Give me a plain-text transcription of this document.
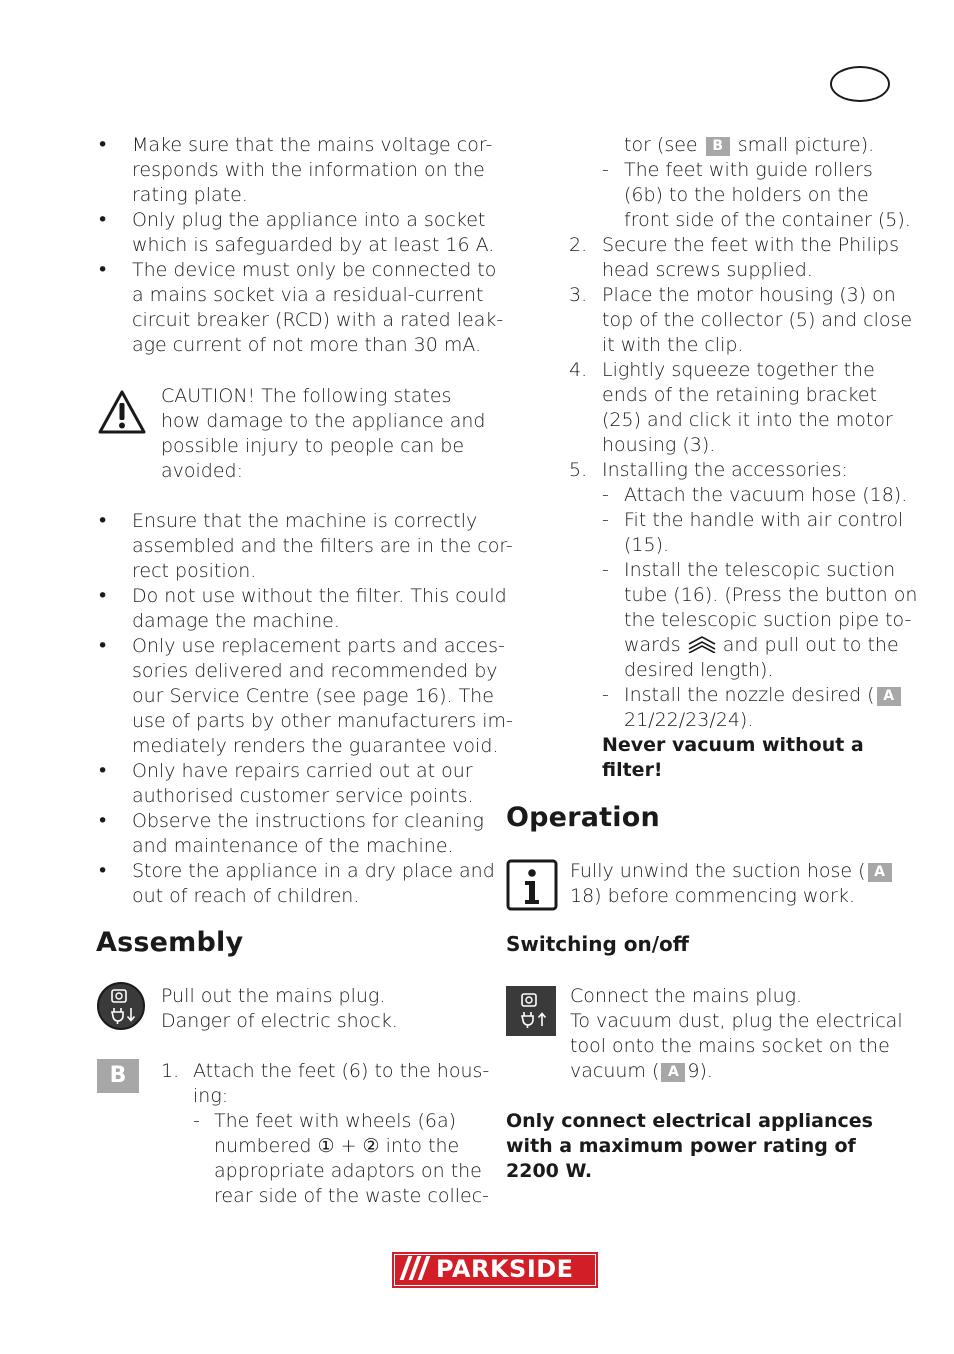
• Make sure that the mains voltage cor-
responds with the information on the
rating plate.
• Only plug the appliance into a socket
which is safeguarded by at least 16 A.
• The device must only be connected to
a mains socket via a residual-current
circuit breaker (RCD) with a rated leak-
age current of not more than 30 mA.
CAUTION! The following states
how damage to the appliance and
possible injury to people can be
avoided:
• Ensure that the machine is correctly
assembled and the filters are in the cor-
rect position.
• Do not use without the filter. This could
damage the machine.
• Only use replacement parts and acces-
sories delivered and recommended by
our Service Centre (see page 16). The
use of parts by other manufacturers im-
mediately renders the guarantee void.
• Only have repairs carried out at our
authorised customer service points.
• Observe the instructions for cleaning
and maintenance of the machine.
• Store the appliance in a dry place and
out of reach of children.
Assembly
Pull out the mains plug.
Danger of electric shock.
B	1. Attach the feet (6) to the hous-
ing:
- The feet with wheels (6a)
numbered ① + ② into the
appropriate adaptors on the
rear side of the waste collec-
tor (see B small picture).
- The feet with guide rollers
(6b) to the holders on the
front side of the container (5).
2. Secure the feet with the Philips
head screws supplied.
3. Place the motor housing (3) on
top of the collector (5) and close
it with the clip.
4. Lightly squeeze together the
ends of the retaining bracket
(25) and click it into the motor
housing (3).
5. Installing the accessories:
- Attach the vacuum hose (18).
- Fit the handle with air control
(15).
- Install the telescopic suction
tube (16). (Press the button on
the telescopic suction pipe to-
wards and pull out to the
desired length).
- Install the nozzle desired ( A
21/22/23/24).
Never vacuum without a
filter!
Operation
Fully unwind the suction hose ( A
18) before commencing work.
Switching on/off
Connect the mains plug.
To vacuum dust, plug the electrical
tool onto the mains socket on the
vacuum ( A 9).
Only connect electrical appliances
with a maximum power rating of
2200 W.
PARKSIDE
